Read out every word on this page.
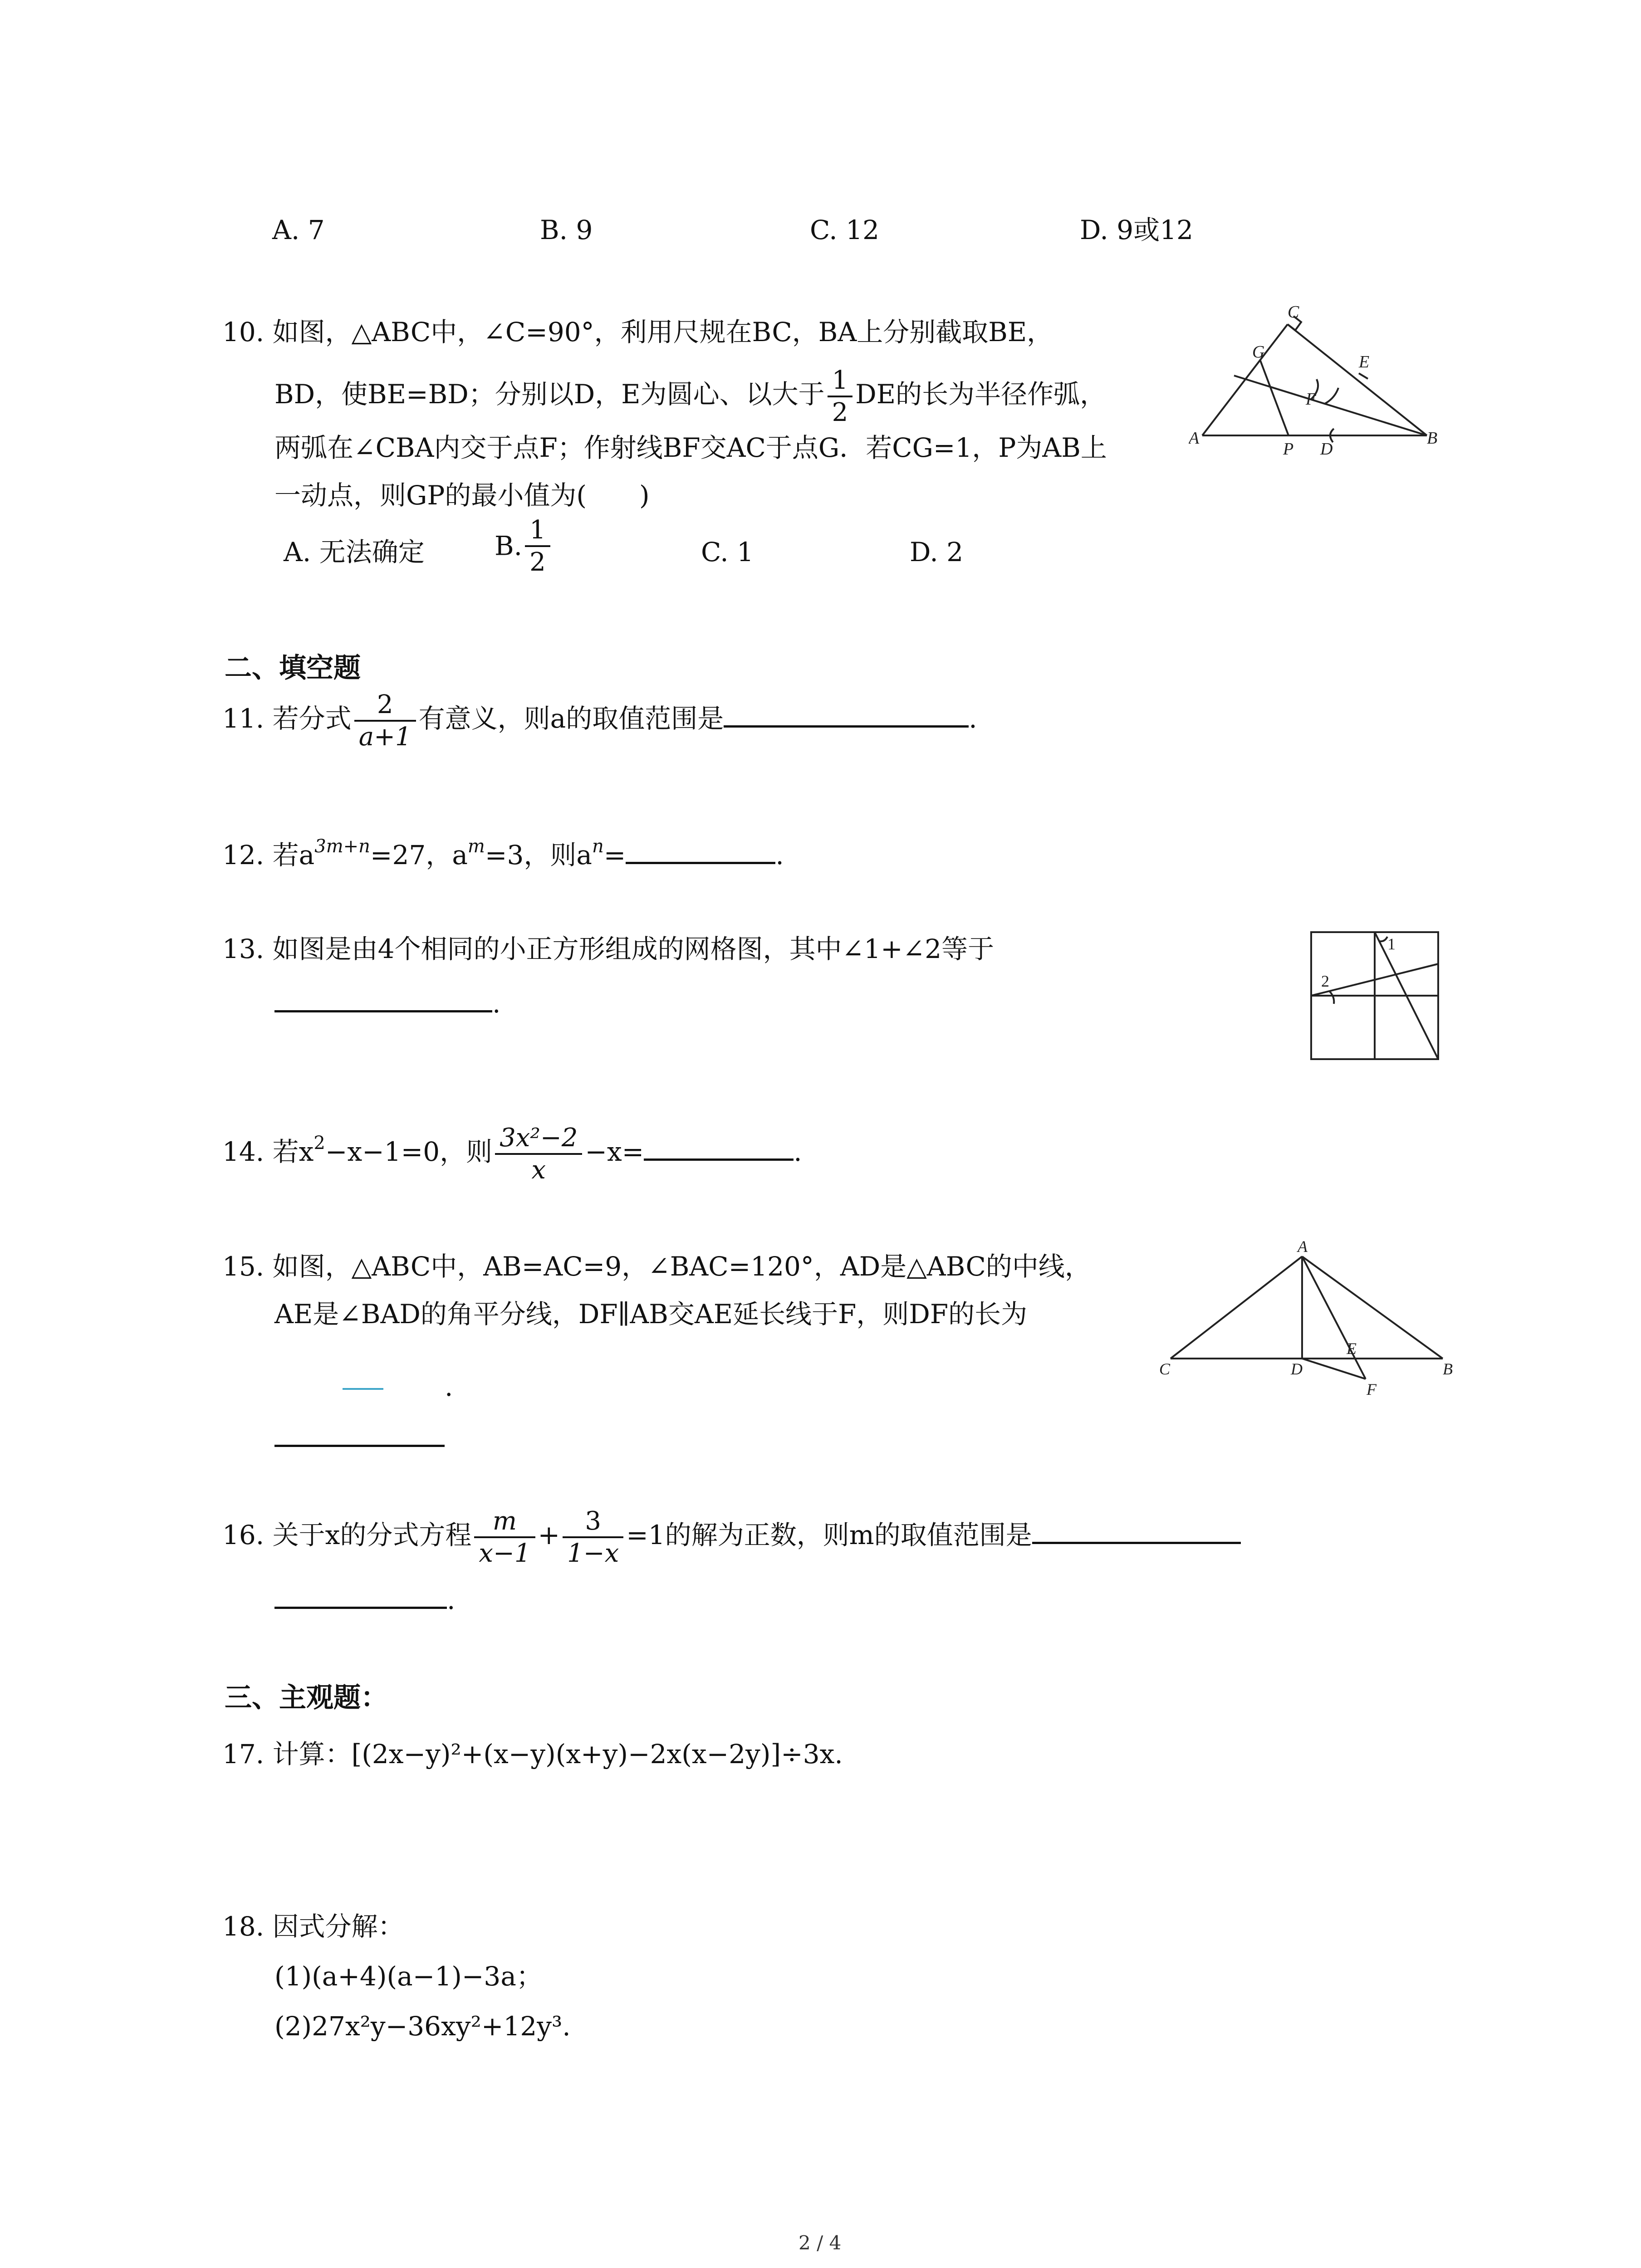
A. 7	B. 9	C. 12	D. 9或12
10. 如图，△ABC中，∠C=90°，利用尺规在BC，BA上分别截取BE，
BD，使BE=BD；分别以D，E为圆心、以大于 $\frac{1}{2}$ DE的长为半径作弧，
两弧在∠CBA内交于点F；作射线BF交AC于点G．若CG=1，P为AB上
一动点，则GP的最小值为(　　)
A. 无法确定	B. $\frac{1}{2}$	C. 1	D. 2
C
G
E
F
A
P D
B
二、填空题
11. 若分式 $\frac{2}{a+1}$ 有意义，则a的取值范围是	.
12. 若$a^{3m+n}=27$，$a^m=3$，则$a^n=$	.
13. 如图是由4个相同的小正方形组成的网格图，其中∠1+∠2等于
.
1
2
14. 若$x^2-x-1=0$，则 $\frac{\text{3x²−2}}{x} -x=$	.
15. 如图，△ABC中，AB=AC=9，∠BAC=120°，AD是△ABC的中线，
AE是∠BAD的角平分线，DF∥AB交AE延长线于F，则DF的长为
.
A
C	D
E
B
F
16. 关于x的分式方程 $\frac{m}{x-1} + \frac{3}{1-x} =1$的解为正数，则m的取值范围是
.
三、主观题：
17. 计算：[(2x−y)²+(x−y)(x+y)−2x(x−2y)]÷3x.
18. 因式分解：
(1)(a+4)(a−1)−3a；
(2)27x²y−36xy²+12y³.
2 / 4
